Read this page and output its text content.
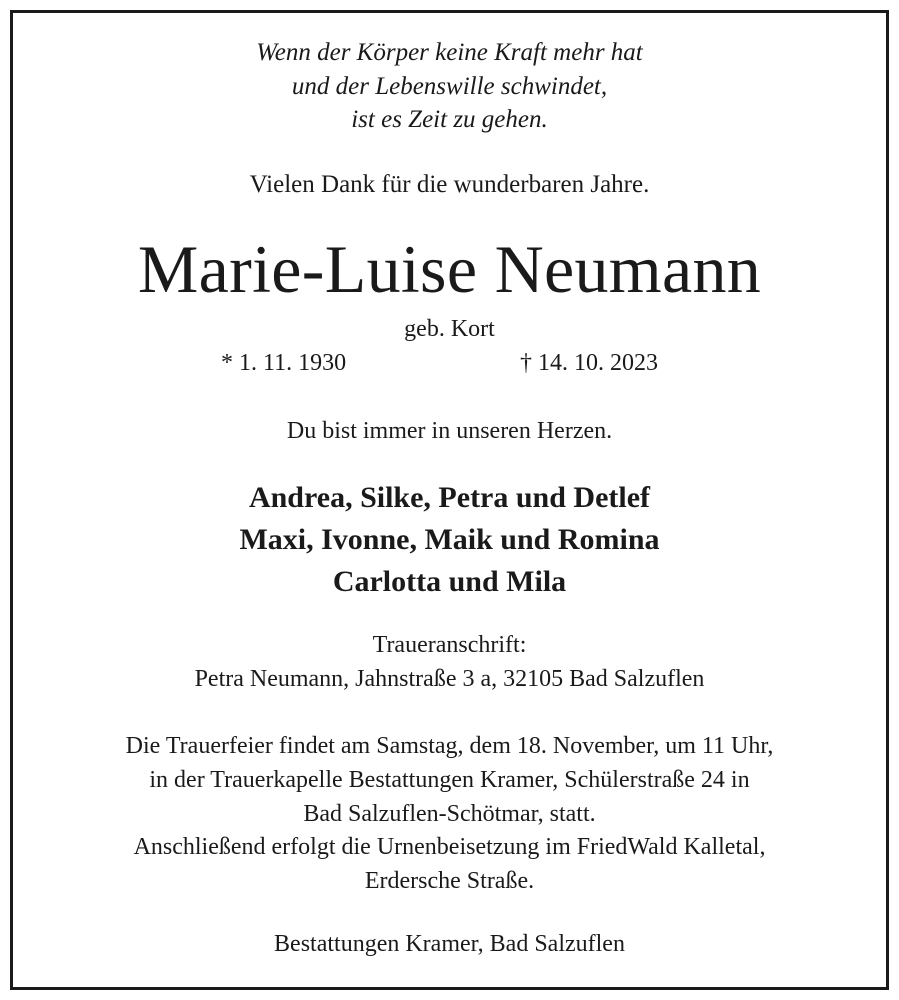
Wenn der Körper keine Kraft mehr hat
und der Lebenswille schwindet,
ist es Zeit zu gehen.
Vielen Dank für die wunderbaren Jahre.
Marie-Luise Neumann
geb. Kort
* 1. 11. 1930	† 14. 10. 2023
Du bist immer in unseren Herzen.
Andrea, Silke, Petra und Detlef
Maxi, Ivonne, Maik und Romina
Carlotta und Mila
Traueranschrift:
Petra Neumann, Jahnstraße 3 a, 32105 Bad Salzuflen
Die Trauerfeier findet am Samstag, dem 18. November, um 11 Uhr,
in der Trauerkapelle Bestattungen Kramer, Schülerstraße 24 in
Bad Salzuflen-Schötmar, statt.
Anschließend erfolgt die Urnenbeisetzung im FriedWald Kalletal,
Erdersche Straße.
Bestattungen Kramer, Bad Salzuflen
